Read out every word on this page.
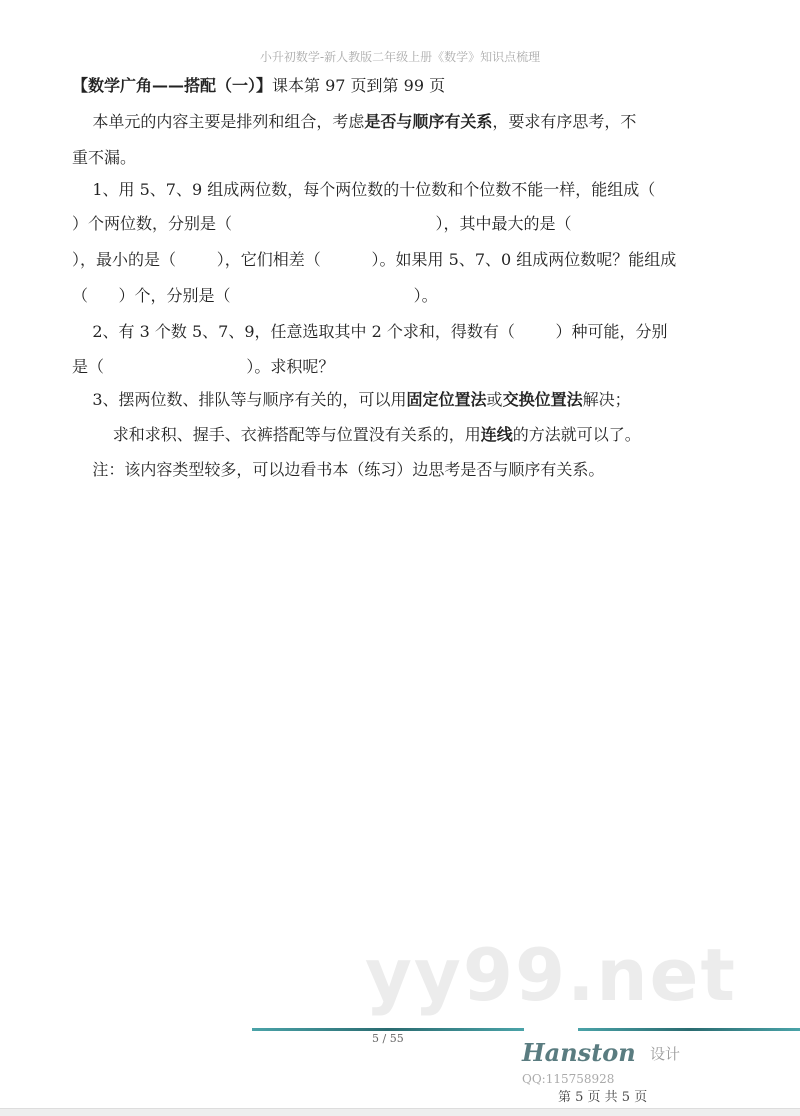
yy99.net
小升初数学-新人教版二年级上册《数学》知识点梳理
【数学广角——搭配（一）】课本第 97 页到第 99 页
本单元的内容主要是排列和组合，考虑是否与顺序有关系，要求有序思考，不
重不漏。
1、用 5、7、9 组成两位数，每个两位数的十位数和个位数不能一样，能组成（
）个两位数，分别是（                                        ），其中最大的是（
），最小的是（        ），它们相差（          ）。如果用 5、7、0 组成两位数呢？能组成
（      ）个，分别是（                                    ）。
2、有 3 个数 5、7、9，任意选取其中 2 个求和，得数有（        ）种可能，分别
是（                            ）。求积呢？
3、摆两位数、排队等与顺序有关的，可以用固定位置法或交换位置法解决；
求和求积、握手、衣裤搭配等与位置没有关系的，用连线的方法就可以了。
注：该内容类型较多，可以边看书本（练习）边思考是否与顺序有关系。
5 / 55	Hanston 设计
QQ:115758928
第 5 页 共 5 页
